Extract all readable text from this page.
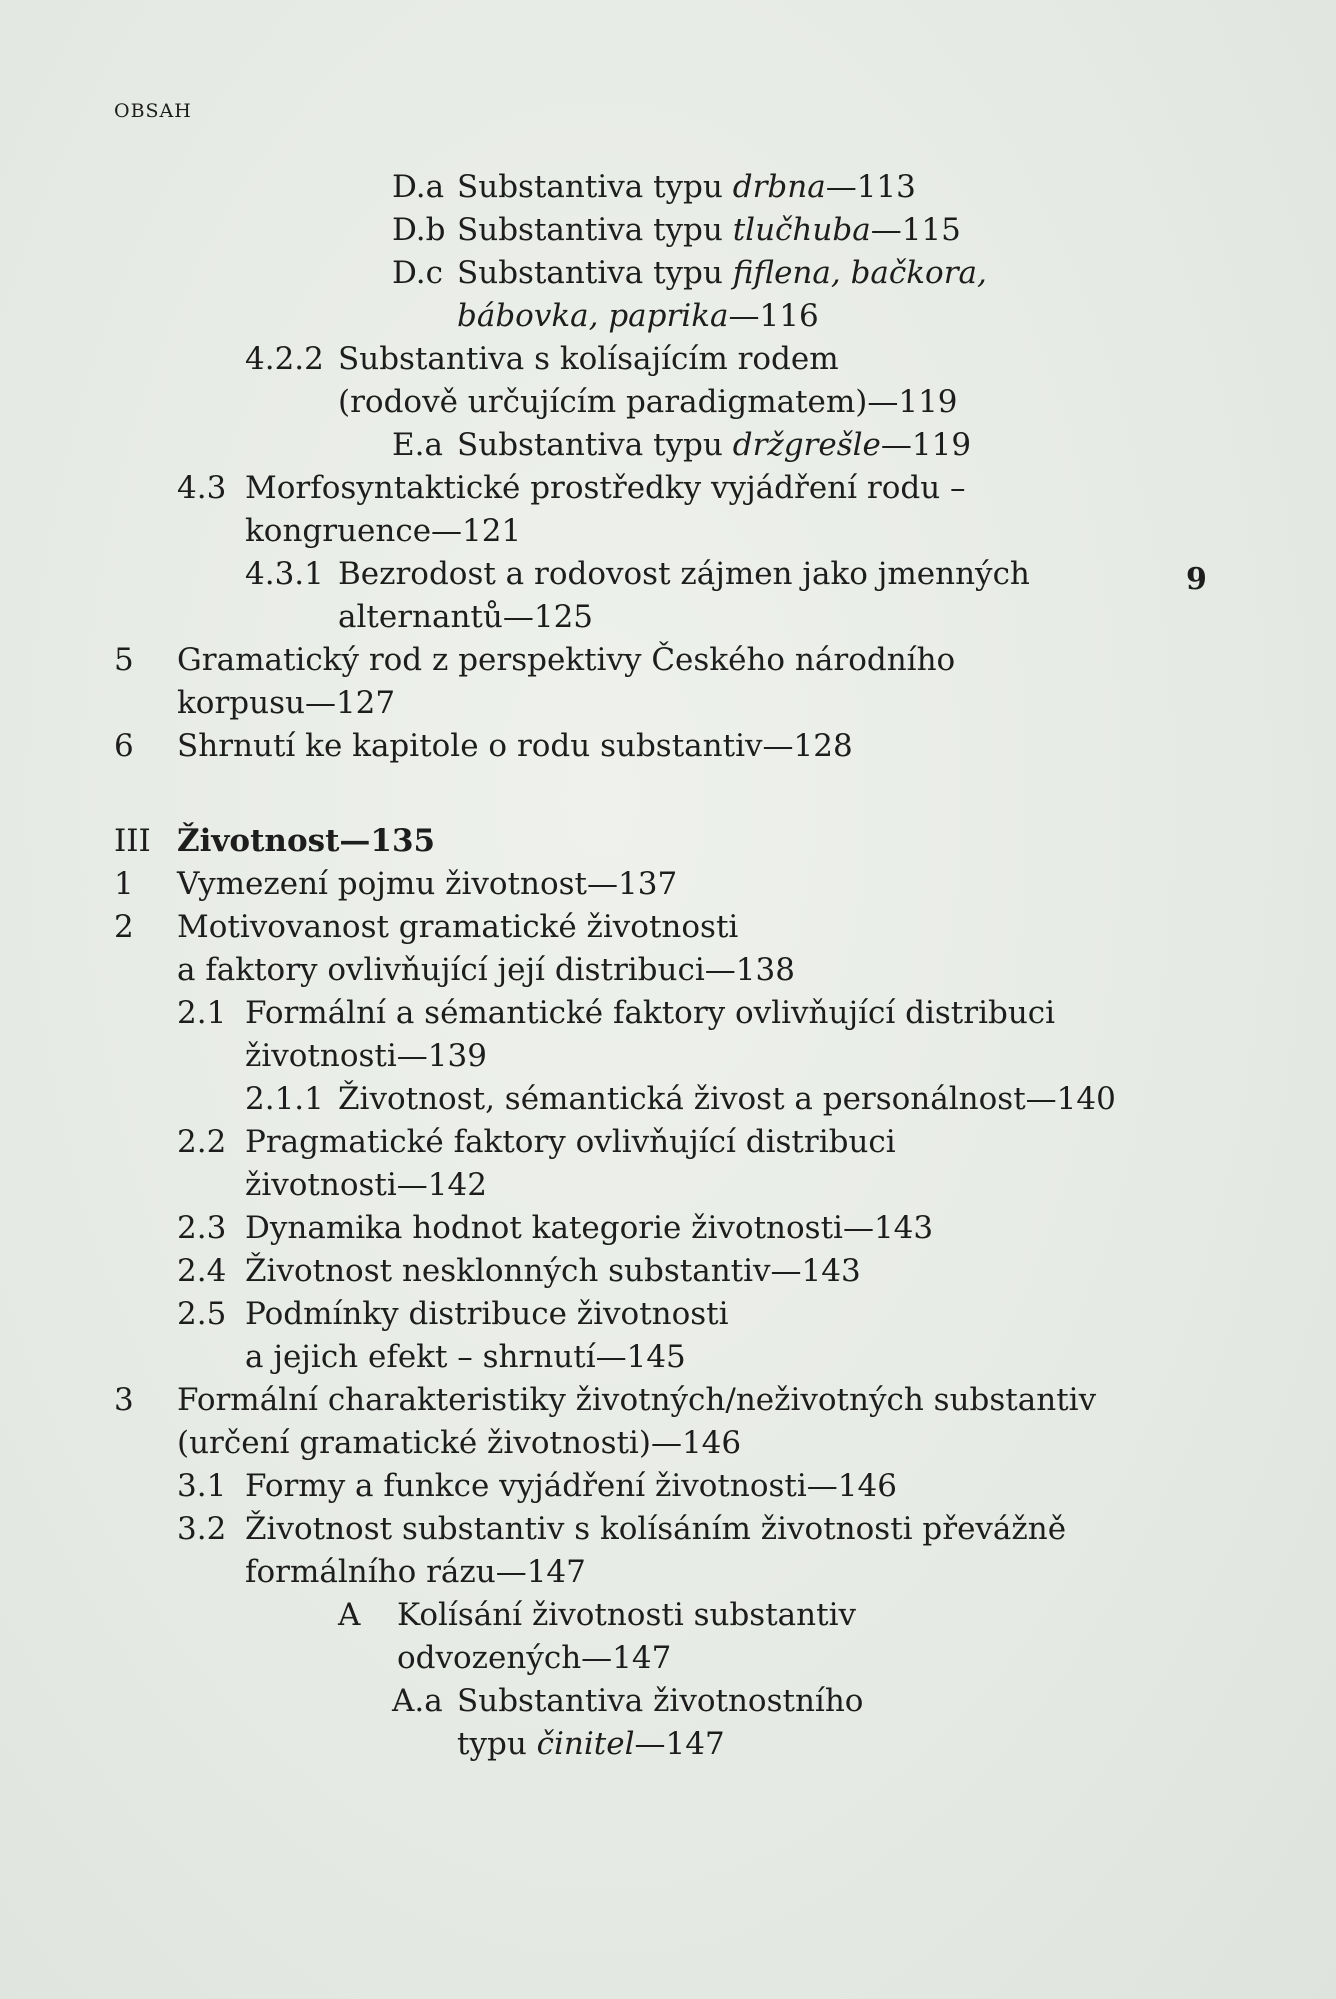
OBSAH
9
D.a Substantiva typu drbna—113
D.b Substantiva typu tlučhuba—115
D.c Substantiva typu fiflena, bačkora,
bábovka, paprika—116
4.2.2 Substantiva s kolísajícím rodem
(rodově určujícím paradigmatem)—119
E.a Substantiva typu držgrešle—119
4.3 Morfosyntaktické prostředky vyjádření rodu –
kongruence—121
4.3.1 Bezrodost a rodovost zájmen jako jmenných
alternantů—125
5 Gramatický rod z perspektivy Českého národního
korpusu—127
6 Shrnutí ke kapitole o rodu substantiv—128
III Životnost—135
1 Vymezení pojmu životnost—137
2 Motivovanost gramatické životnosti
a faktory ovlivňující její distribuci—138
2.1 Formální a sémantické faktory ovlivňující distribuci
životnosti—139
2.1.1 Životnost, sémantická živost a personálnost—140
2.2 Pragmatické faktory ovlivňující distribuci
životnosti—142
2.3 Dynamika hodnot kategorie životnosti—143
2.4 Životnost nesklonných substantiv—143
2.5 Podmínky distribuce životnosti
a jejich efekt – shrnutí—145
3 Formální charakteristiky životných/neživotných substantiv
(určení gramatické životnosti)—146
3.1 Formy a funkce vyjádření životnosti—146
3.2 Životnost substantiv s kolísáním životnosti převážně
formálního rázu—147
A Kolísání životnosti substantiv
odvozených—147
A.a Substantiva životnostního
typu činitel—147
